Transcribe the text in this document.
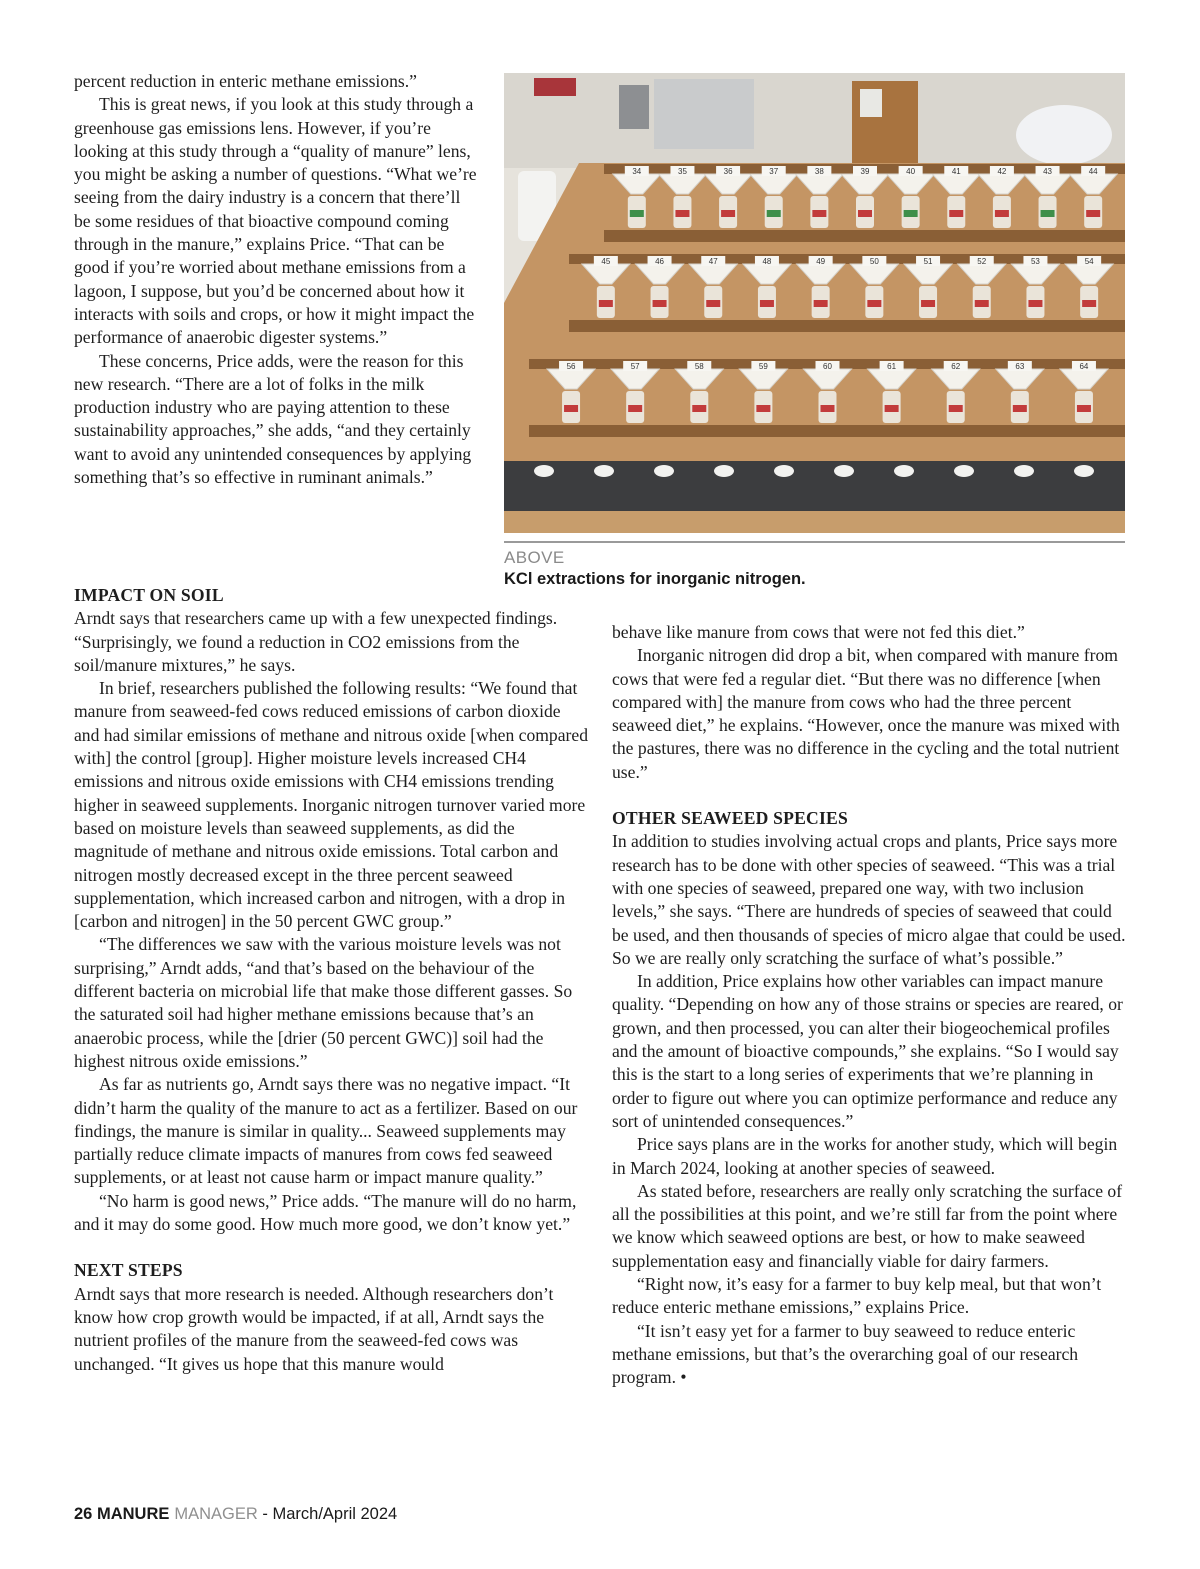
percent reduction in enteric methane emissions.”

This is great news, if you look at this study through a greenhouse gas emissions lens. However, if you’re looking at this study through a “quality of manure” lens, you might be asking a number of questions. “What we’re seeing from the dairy industry is a concern that there’ll be some residues of that bioactive compound coming through in the manure,” explains Price. “That can be good if you’re worried about methane emissions from a lagoon, I suppose, but you’d be concerned about how it interacts with soils and crops, or how it might impact the performance of anaerobic digester systems.”

These concerns, Price adds, were the reason for this new research. “There are a lot of folks in the milk production industry who are paying attention to these sustainability approaches,” she adds, “and they certainly want to avoid any unintended consequences by applying something that’s so effective in ruminant animals.”

34	35	36	37	38	39	40	41	42	43	44
45	46	47	48	49	50	51	52	53	54
56	57	58	59	60	61	62	63	64
ABOVE
KCl extractions for inorganic nitrogen.
IMPACT ON SOIL

Arndt says that researchers came up with a few unexpected findings. “Surprisingly, we found a reduction in CO2 emissions from the soil/manure mixtures,” he says.

In brief, researchers published the following results: “We found that manure from seaweed-fed cows reduced emissions of carbon dioxide and had similar emissions of methane and nitrous oxide [when compared with] the control [group]. Higher moisture levels increased CH4 emissions and nitrous oxide emissions with CH4 emissions trending higher in seaweed supplements. Inorganic nitrogen turnover varied more based on moisture levels than seaweed supplements, as did the magnitude of methane and nitrous oxide emissions. Total carbon and nitrogen mostly decreased except in the three percent seaweed supplementation, which increased carbon and nitrogen, with a drop in [carbon and nitrogen] in the 50 percent GWC group.”

“The differences we saw with the various moisture levels was not surprising,” Arndt adds, “and that’s based on the behaviour of the different bacteria on microbial life that make those different gasses. So the saturated soil had higher methane emissions because that’s an anaerobic process, while the [drier (50 percent GWC)] soil had the highest nitrous oxide emissions.”

As far as nutrients go, Arndt says there was no negative impact. “It didn’t harm the quality of the manure to act as a fertilizer. Based on our findings, the manure is similar in quality... Seaweed supplements may partially reduce climate impacts of manures from cows fed seaweed supplements, or at least not cause harm or impact manure quality.”

“No harm is good news,” Price adds. “The manure will do no harm, and it may do some good. How much more good, we don’t know yet.”

NEXT STEPS

Arndt says that more research is needed. Although researchers don’t know how crop growth would be impacted, if at all, Arndt says the nutrient profiles of the manure from the seaweed-fed cows was unchanged. “It gives us hope that this manure would

behave like manure from cows that were not fed this diet.”

Inorganic nitrogen did drop a bit, when compared with manure from cows that were fed a regular diet. “But there was no difference [when compared with] the manure from cows who had the three percent seaweed diet,” he explains. “However, once the manure was mixed with the pastures, there was no difference in the cycling and the total nutrient use.”

OTHER SEAWEED SPECIES

In addition to studies involving actual crops and plants, Price says more research has to be done with other species of seaweed. “This was a trial with one species of seaweed, prepared one way, with two inclusion levels,” she says. “There are hundreds of species of seaweed that could be used, and then thousands of species of micro algae that could be used. So we are really only scratching the surface of what’s possible.”

In addition, Price explains how other variables can impact manure quality. “Depending on how any of those strains or species are reared, or grown, and then processed, you can alter their biogeochemical profiles and the amount of bioactive compounds,” she explains. “So I would say this is the start to a long series of experiments that we’re planning in order to figure out where you can optimize performance and reduce any sort of unintended consequences.”

Price says plans are in the works for another study, which will begin in March 2024, looking at another species of seaweed.

As stated before, researchers are really only scratching the surface of all the possibilities at this point, and we’re still far from the point where we know which seaweed options are best, or how to make seaweed supplementation easy and financially viable for dairy farmers.

“Right now, it’s easy for a farmer to buy kelp meal, but that won’t reduce enteric methane emissions,” explains Price.

“It isn’t easy yet for a farmer to buy seaweed to reduce enteric methane emissions, but that’s the overarching goal of our research program. •

26 MANURE MANAGER - March/April 2024
